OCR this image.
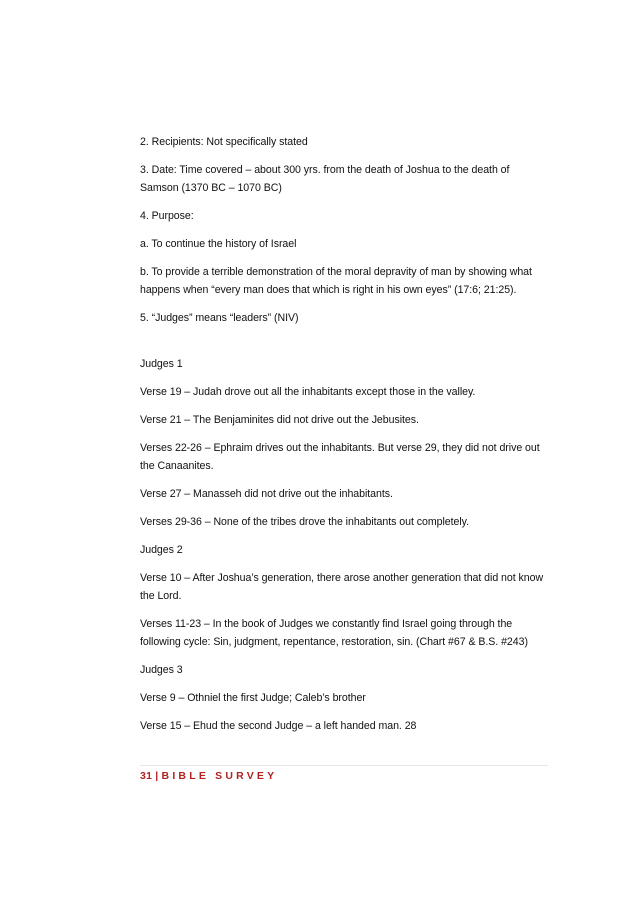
2. Recipients: Not specifically stated

3. Date: Time covered – about 300 yrs. from the death of Joshua to the death of Samson (1370 BC – 1070 BC)

4. Purpose:

a. To continue the history of Israel

b. To provide a terrible demonstration of the moral depravity of man by showing what happens when “every man does that which is right in his own eyes” (17:6; 21:25).

5. “Judges” means “leaders” (NIV)

Judges 1

Verse 19 – Judah drove out all the inhabitants except those in the valley.

Verse 21 – The Benjaminites did not drive out the Jebusites.

Verses 22-26 – Ephraim drives out the inhabitants. But verse 29, they did not drive out the Canaanites.

Verse 27 – Manasseh did not drive out the inhabitants.

Verses 29-36 – None of the tribes drove the inhabitants out completely.

Judges 2

Verse 10 – After Joshua’s generation, there arose another generation that did not know the Lord.

Verses 11-23 – In the book of Judges we constantly find Israel going through the following cycle: Sin, judgment, repentance, restoration, sin. (Chart #67 & B.S. #243)

Judges 3

Verse 9 – Othniel the first Judge; Caleb’s brother

Verse 15 – Ehud the second Judge – a left handed man. 28

31 | BIBLE SURVEY
